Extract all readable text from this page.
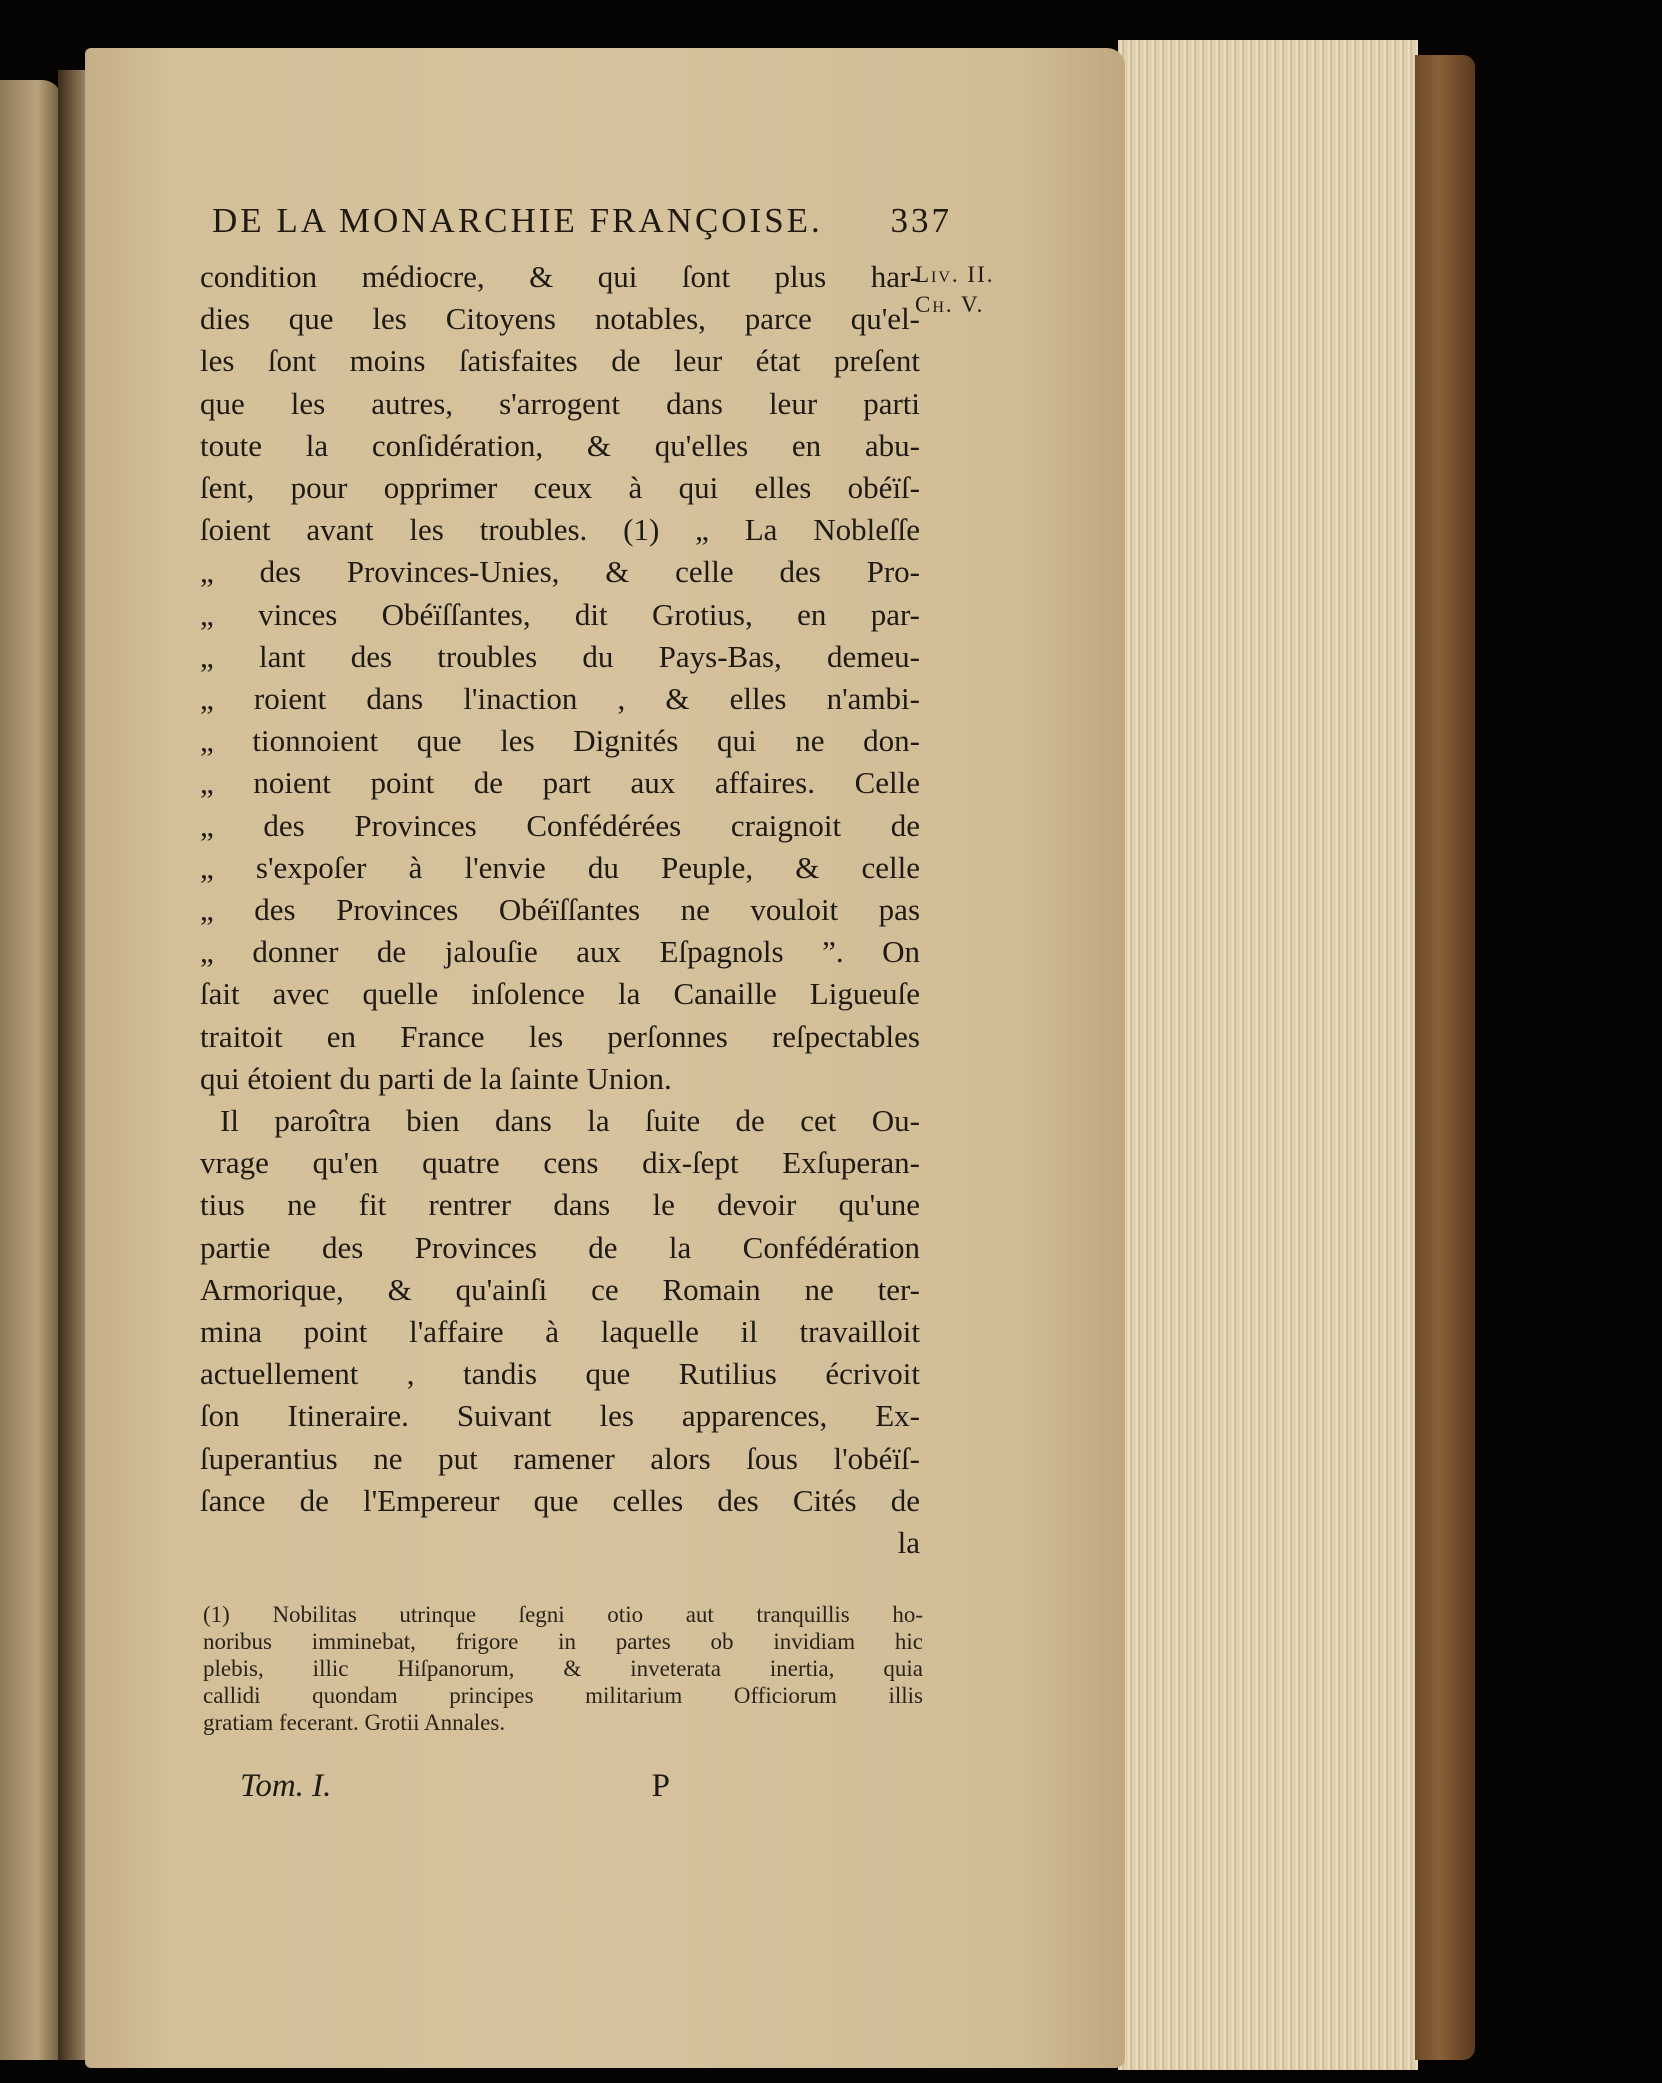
DE LA MONARCHIE FRANÇOISE. 337
Liv. II.
Ch. V.
condition médiocre, & qui ſont plus har-
dies que les Citoyens notables, parce qu'el-
les ſont moins ſatisfaites de leur état preſent
que les autres, s'arrogent dans leur parti
toute la conſidération, & qu'elles en abu-
ſent, pour opprimer ceux à qui elles obéïſ-
ſoient avant les troubles. (1) „ La Nobleſſe
„ des Provinces-Unies, & celle des Pro-
„ vinces Obéïſſantes, dit Grotius, en par-
„ lant des troubles du Pays-Bas, demeu-
„ roient dans l'inaction , & elles n'ambi-
„ tionnoient que les Dignités qui ne don-
„ noient point de part aux affaires. Celle
„ des Provinces Confédérées craignoit de
„ s'expoſer à l'envie du Peuple, & celle
„ des Provinces Obéïſſantes ne vouloit pas
„ donner de jalouſie aux Eſpagnols ”. On
ſait avec quelle inſolence la Canaille Ligueuſe
traitoit en France les perſonnes reſpectables
qui étoient du parti de la ſainte Union.
Il paroîtra bien dans la ſuite de cet Ou-
vrage qu'en quatre cens dix-ſept Exſuperan-
tius ne fit rentrer dans le devoir qu'une
partie des Provinces de la Confédération
Armorique, & qu'ainſi ce Romain ne ter-
mina point l'affaire à laquelle il travailloit
actuellement , tandis que Rutilius écrivoit
ſon Itineraire. Suivant les apparences, Ex-
ſuperantius ne put ramener alors ſous l'obéïſ-
ſance de l'Empereur que celles des Cités de
la
(1) Nobilitas utrinque ſegni otio aut tranquillis ho-
noribus imminebat, frigore in partes ob invidiam hic
plebis, illic Hiſpanorum, & inveterata inertia, quia
callidi quondam principes militarium Officiorum illis
gratiam fecerant. Grotii Annales.
Tom. I.	P
